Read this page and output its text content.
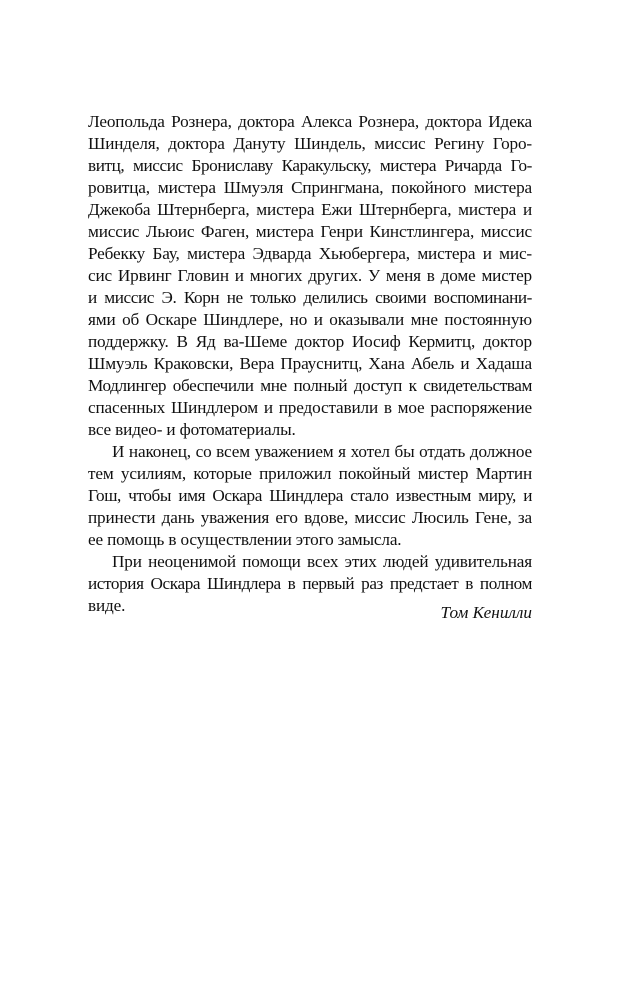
Леопольда Рознера, доктора Алекса Рознера, доктора Идека
Шинделя, доктора Дануту Шиндель, миссис Регину Горо-
витц, миссис Брониславу Каракульску, мистера Ричарда Го-
ровитца, мистера Шмуэля Спрингмана, покойного мистера
Джекоба Штернберга, мистера Ежи Штернберга, мистера и
миссис Льюис Фаген, мистера Генри Кинстлингера, миссис
Ребекку Бау, мистера Эдварда Хьюбергера, мистера и мис-
сис Ирвинг Гловин и многих других. У меня в доме мистер
и миссис Э. Корн не только делились своими воспоминани-
ями об Оскаре Шиндлере, но и оказывали мне постоянную
поддержку. В Яд ва-Шеме доктор Иосиф Кермитц, доктор
Шмуэль Краковски, Вера Прауснитц, Хана Абель и Хадаша
Модлингер обеспечили мне полный доступ к свидетельствам
спасенных Шиндлером и предоставили в мое распоряжение
все видео- и фотоматериалы.

И наконец, со всем уважением я хотел бы отдать должное
тем усилиям, которые приложил покойный мистер Мартин
Гош, чтобы имя Оскара Шиндлера стало известным миру, и
принести дань уважения его вдове, миссис Люсиль Гене, за
ее помощь в осуществлении этого замысла.

При неоценимой помощи всех этих людей удивительная
история Оскара Шиндлера в первый раз предстает в полном
виде.	Том Кенилли
